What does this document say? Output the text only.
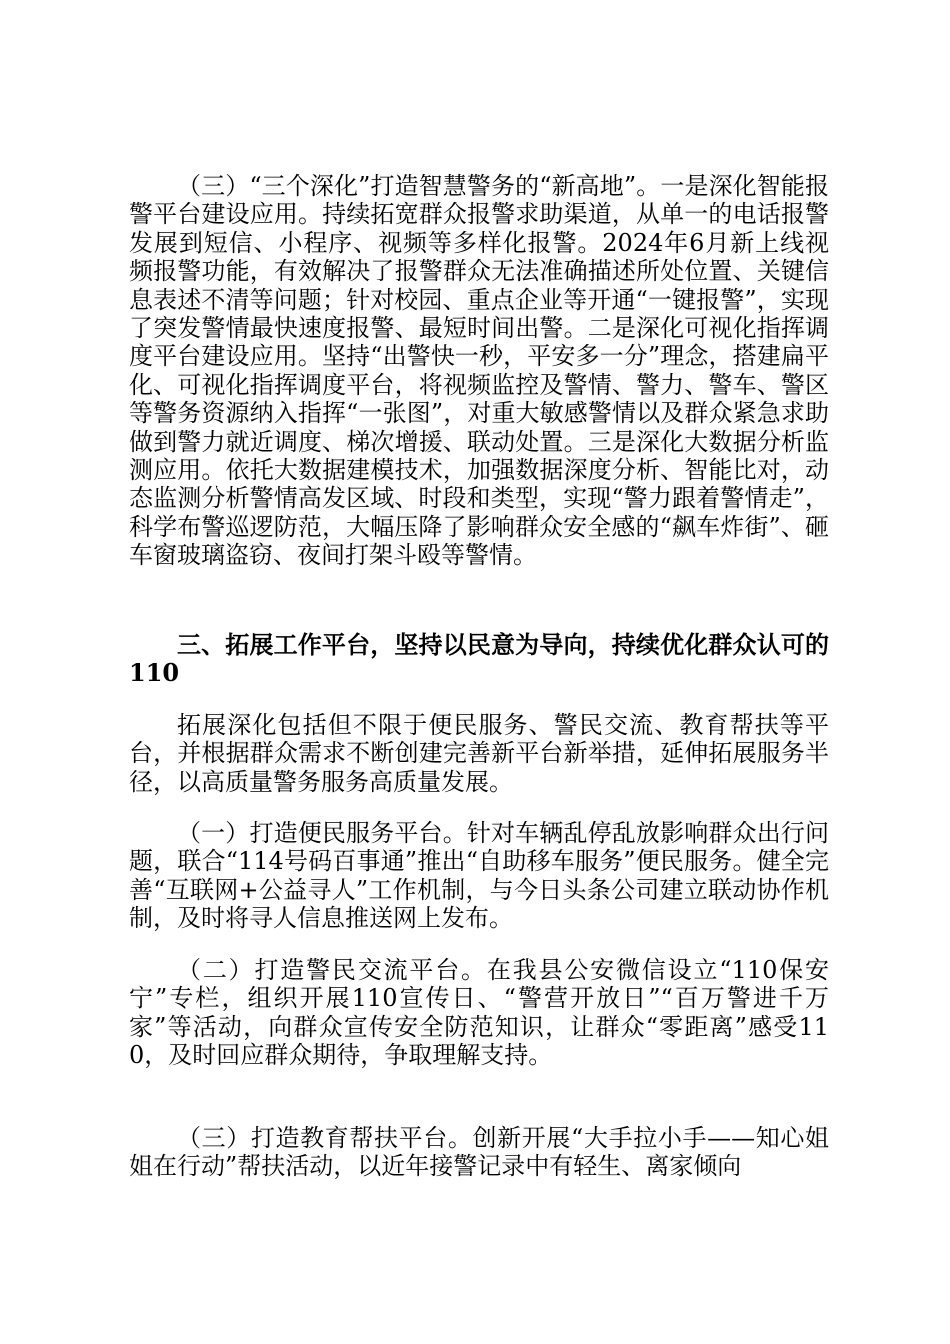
（三）“三个深化”打造智慧警务的“新高地”。一是深化智能报警平台建设应用。持续拓宽群众报警求助渠道，从单一的电话报警发展到短信、小程序、视频等多样化报警。2024年6月新上线视频报警功能，有效解决了报警群众无法准确描述所处位置、关键信息表述不清等问题；针对校园、重点企业等开通“一键报警”，实现了突发警情最快速度报警、最短时间出警。二是深化可视化指挥调度平台建设应用。坚持“出警快一秒，平安多一分”理念，搭建扁平化、可视化指挥调度平台，将视频监控及警情、警力、警车、警区等警务资源纳入指挥“一张图”，对重大敏感警情以及群众紧急求助做到警力就近调度、梯次增援、联动处置。三是深化大数据分析监测应用。依托大数据建模技术，加强数据深度分析、智能比对，动态监测分析警情高发区域、时段和类型，实现“警力跟着警情走”，科学布警巡逻防范，大幅压降了影响群众安全感的“飙车炸街”、砸车窗玻璃盗窃、夜间打架斗殴等警情。

三、拓展工作平台，坚持以民意为导向，持续优化群众认可的110

拓展深化包括但不限于便民服务、警民交流、教育帮扶等平台，并根据群众需求不断创建完善新平台新举措，延伸拓展服务半径，以高质量警务服务高质量发展。

（一）打造便民服务平台。针对车辆乱停乱放影响群众出行问题，联合“114号码百事通”推出“自助移车服务”便民服务。健全完善“互联网+公益寻人”工作机制，与今日头条公司建立联动协作机制，及时将寻人信息推送网上发布。

（二）打造警民交流平台。在我县公安微信设立“110保安宁”专栏，组织开展110宣传日、“警营开放日”“百万警进千万家”等活动，向群众宣传安全防范知识，让群众“零距离”感受110，及时回应群众期待，争取理解支持。

（三）打造教育帮扶平台。创新开展“大手拉小手——知心姐姐在行动”帮扶活动，以近年接警记录中有轻生、离家倾向
